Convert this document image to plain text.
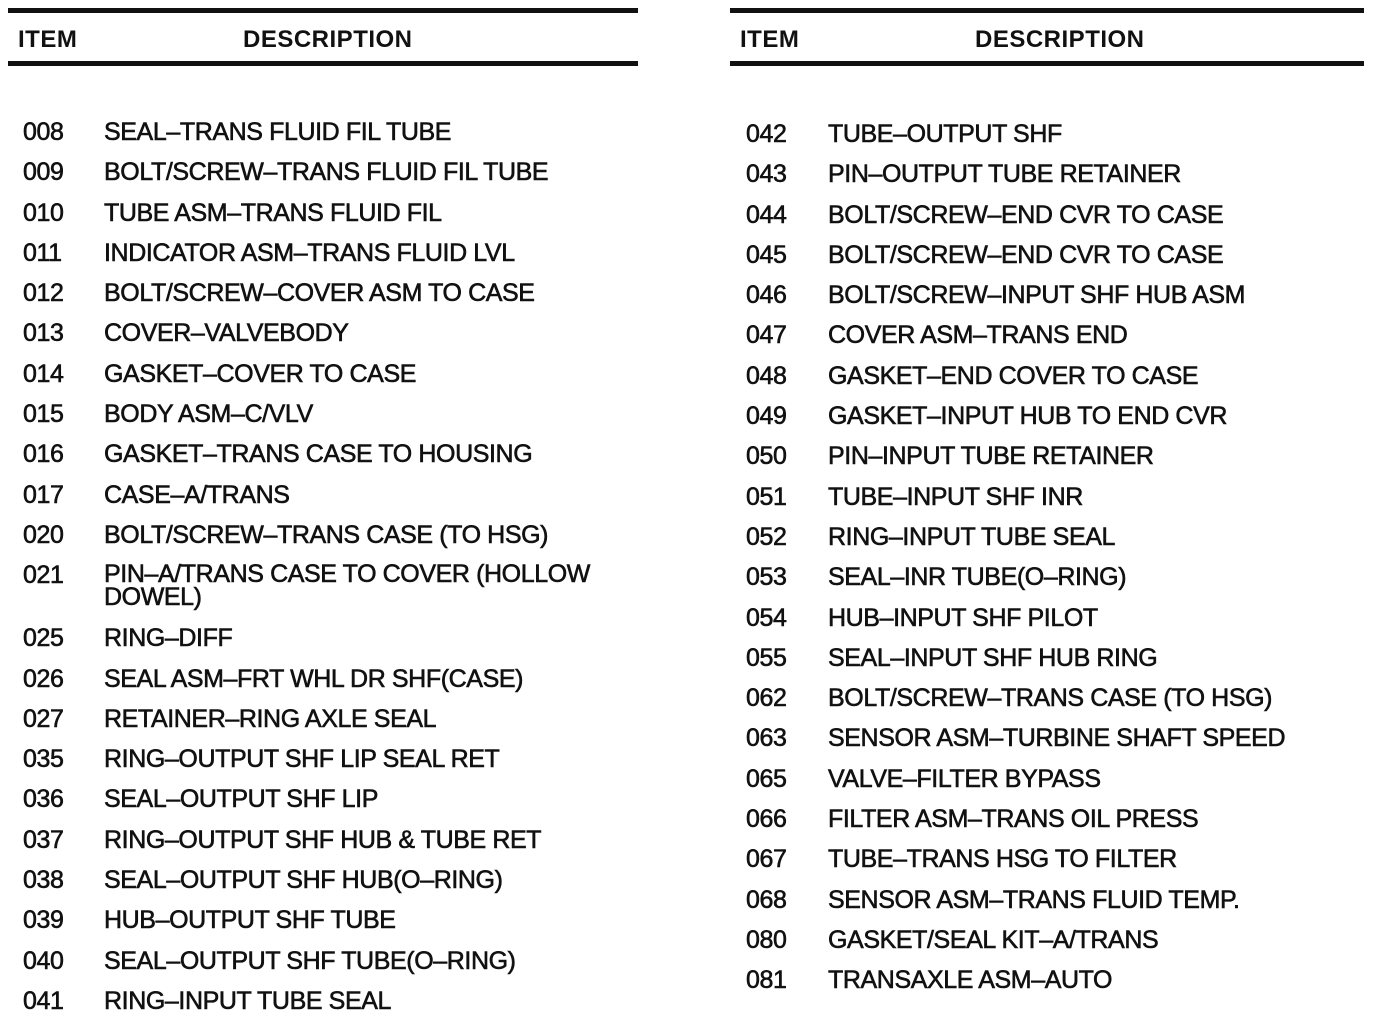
ITEM	DESCRIPTION
008	SEAL–TRANS FLUID FIL TUBE
009	BOLT/SCREW–TRANS FLUID FIL TUBE
010	TUBE ASM–TRANS FLUID FIL
011	INDICATOR ASM–TRANS FLUID LVL
012	BOLT/SCREW–COVER ASM TO CASE
013	COVER–VALVEBODY
014	GASKET–COVER TO CASE
015	BODY ASM–C/VLV
016	GASKET–TRANS CASE TO HOUSING
017	CASE–A/TRANS
020	BOLT/SCREW–TRANS CASE (TO HSG)
021	PIN–A/TRANS CASE TO COVER (HOLLOW DOWEL)
025	RING–DIFF
026	SEAL ASM–FRT WHL DR SHF(CASE)
027	RETAINER–RING AXLE SEAL
035	RING–OUTPUT SHF LIP SEAL RET
036	SEAL–OUTPUT SHF LIP
037	RING–OUTPUT SHF HUB & TUBE RET
038	SEAL–OUTPUT SHF HUB(O–RING)
039	HUB–OUTPUT SHF TUBE
040	SEAL–OUTPUT SHF TUBE(O–RING)
041	RING–INPUT TUBE SEAL
ITEM	DESCRIPTION
042	TUBE–OUTPUT SHF
043	PIN–OUTPUT TUBE RETAINER
044	BOLT/SCREW–END CVR TO CASE
045	BOLT/SCREW–END CVR TO CASE
046	BOLT/SCREW–INPUT SHF HUB ASM
047	COVER ASM–TRANS END
048	GASKET–END COVER TO CASE
049	GASKET–INPUT HUB TO END CVR
050	PIN–INPUT TUBE RETAINER
051	TUBE–INPUT SHF INR
052	RING–INPUT TUBE SEAL
053	SEAL–INR TUBE(O–RING)
054	HUB–INPUT SHF PILOT
055	SEAL–INPUT SHF HUB RING
062	BOLT/SCREW–TRANS CASE (TO HSG)
063	SENSOR ASM–TURBINE SHAFT SPEED
065	VALVE–FILTER BYPASS
066	FILTER ASM–TRANS OIL PRESS
067	TUBE–TRANS HSG TO FILTER
068	SENSOR ASM–TRANS FLUID TEMP.
080	GASKET/SEAL KIT–A/TRANS
081	TRANSAXLE ASM–AUTO
